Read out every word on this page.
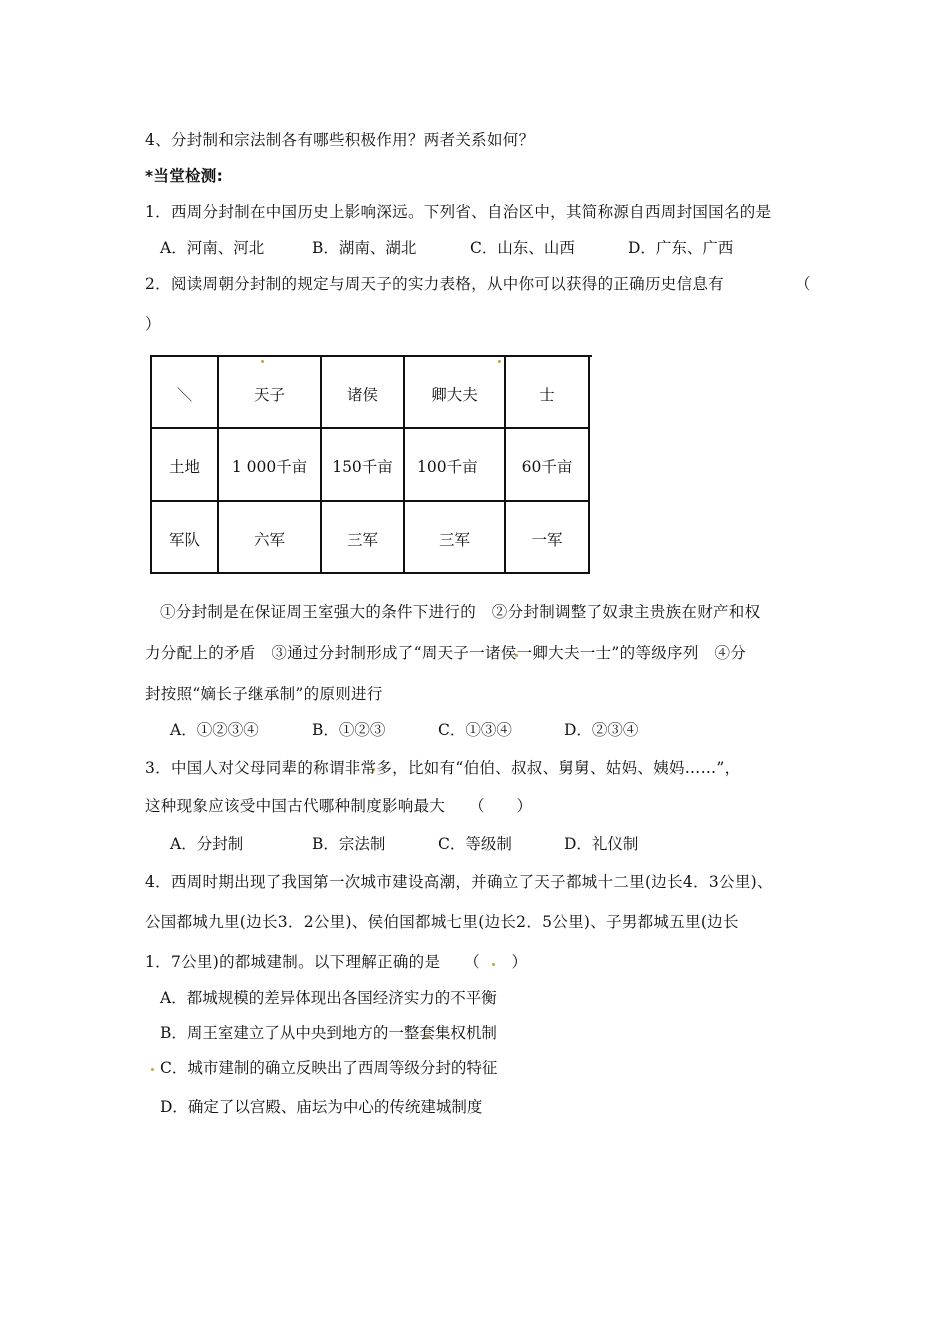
4、分封制和宗法制各有哪些积极作用？两者关系如何？
*当堂检测:
1．西周分封制在中国历史上影响深远。下列省、自治区中，其简称源自西周封国国名的是
A．河南、河北	B．湖南、湖北	C．山东、山西	D．广东、广西
2．阅读周朝分封制的规定与周天子的实力表格，从中你可以获得的正确历史信息有	（
）
＼	天子	诸侯	卿大夫	士
土地	1 000千亩	150千亩	100千亩	60千亩
军队	六军	三军	三军	一军
①分封制是在保证周王室强大的条件下进行的　②分封制调整了奴隶主贵族在财产和权
力分配上的矛盾　③通过分封制形成了“周天子一诸侯一卿大夫一士”的等级序列　④分
封按照“嫡长子继承制”的原则进行
A．①②③④	B．①②③	C．①③④	D．②③④
3．中国人对父母同辈的称谓非常多，比如有“伯伯、叔叔、舅舅、姑妈、姨妈……”，
这种现象应该受中国古代哪种制度影响最大　　（　　）
A．分封制	B．宗法制	C．等级制	D．礼仪制
4．西周时期出现了我国第一次城市建设高潮，并确立了天子都城十二里(边长4．3公里)、
公国都城九里(边长3．2公里)、侯伯国都城七里(边长2．5公里)、子男都城五里(边长
1．7公里)的都城建制。以下理解正确的是　　（　　）
A．都城规模的差异体现出各国经济实力的不平衡
B．周王室建立了从中央到地方的一整套集权机制
C．城市建制的确立反映出了西周等级分封的特征
D．确定了以宫殿、庙坛为中心的传统建城制度
